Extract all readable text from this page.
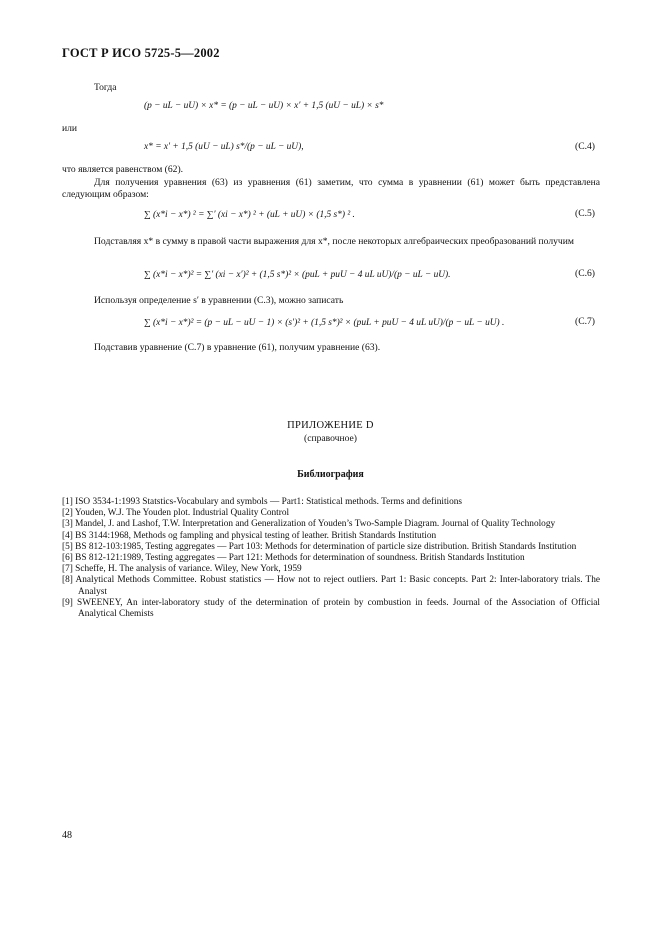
ГОСТ Р ИСО 5725-5—2002
Тогда
(p − uL − uU) × x* = (p − uL − uU) × x′ + 1,5 (uU − uL) × s*
или
x* = x′ + 1,5 (uU − uL) s*/(p − uL − uU),	(C.4)
что является равенством (62).
Для получения уравнения (63) из уравнения (61) заметим, что сумма в уравнении (61) может быть представлена следующим образом:
∑ (x*i − x*) ² = ∑′ (xi − x*) ² + (uL + uU) × (1,5 s*) ² .	(C.5)
Подставляя x* в сумму в правой части выражения для x*, после некоторых алгебраических преобразований получим
∑ (x*i − x*)² = ∑′ (xi − x′)² + (1,5 s*)² × (puL + puU − 4 uL uU)/(p − uL − uU).	(C.6)
Используя определение s′ в уравнении (C.3), можно записать
∑ (x*i − x*)² = (p − uL − uU − 1) × (s′)² + (1,5 s*)² × (puL + puU − 4 uL uU)/(p − uL − uU) .	(C.7)
Подставив уравнение (C.7) в уравнение (61), получим уравнение (63).
ПРИЛОЖЕНИЕ D
(справочное)
Библиография
[1] ISO 3534-1:1993 Statstics-Vocabulary and symbols — Part1: Statistical methods. Terms and definitions
[2] Youden, W.J. The Youden plot. Industrial Quality Control
[3] Mandel, J. and Lashof, T.W. Interpretation and Generalization of Youden’s Two-Sample Diagram. Journal of Quality Technology
[4] BS 3144:1968, Methods og fampling and physical testing of leather. British Standards Institution
[5] BS 812-103:1985, Testing aggregates — Part 103: Methods for determination of particle size distribution. British Standards Institution
[6] BS 812-121:1989, Testing aggregates — Part 121: Methods for determination of soundness. British Standards Institution
[7] Scheffe, H. The analysis of variance. Wiley, New York, 1959
[8] Analytical Methods Committee. Robust statistics — How not to reject outliers. Part 1: Basic concepts. Part 2: Inter-laboratory trials. The Analyst
[9] SWEENEY, An inter-laboratory study of the determination of protein by combustion in feeds. Journal of the Association of Official Analytical Chemists
48
